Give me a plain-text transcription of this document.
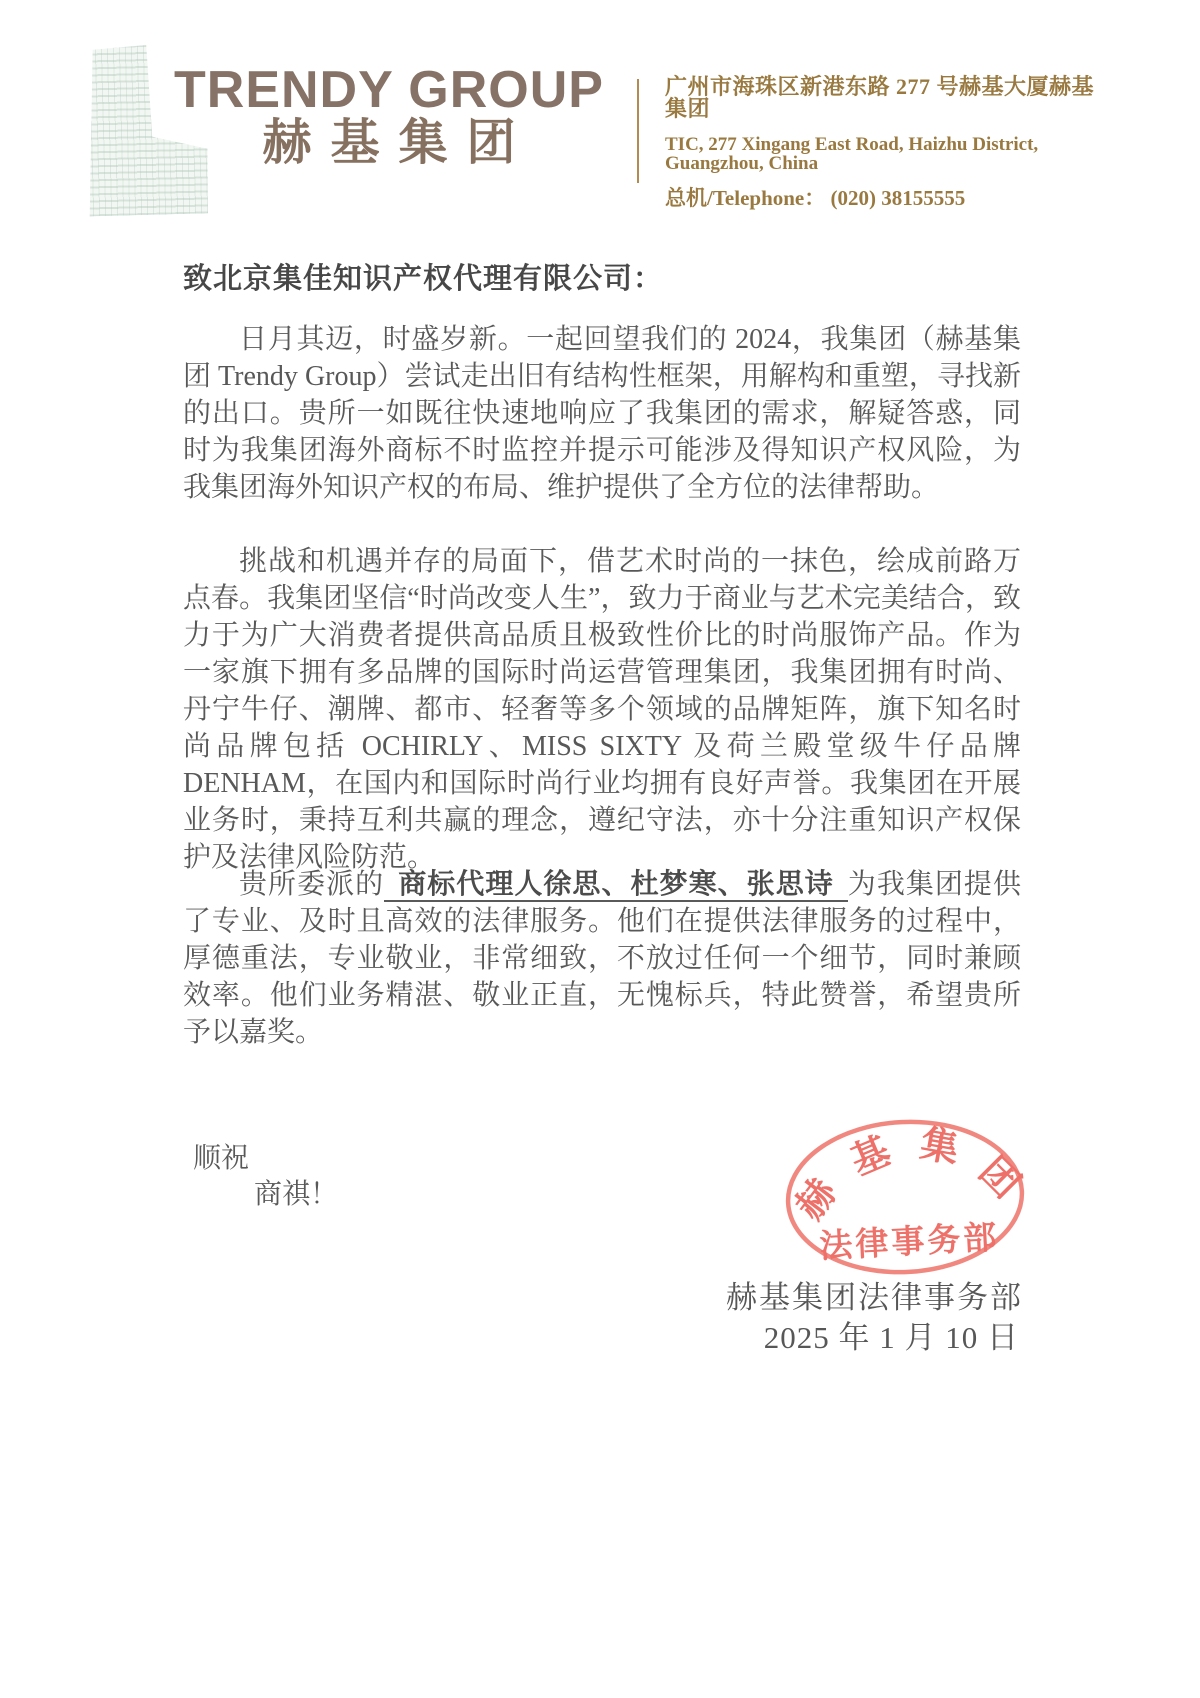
TRENDY GROUP
赫基集团
广州市海珠区新港东路 277 号赫基大厦赫基集团
TIC, 277 Xingang East Road, Haizhu District, Guangzhou, China
总机/Telephone： (020) 38155555
致北京集佳知识产权代理有限公司：
日月其迈，时盛岁新。一起回望我们的 2024，我集团（赫基集团 Trendy Group）尝试走出旧有结构性框架，用解构和重塑，寻找新的出口。贵所一如既往快速地响应了我集团的需求，解疑答惑，同时为我集团海外商标不时监控并提示可能涉及得知识产权风险，为我集团海外知识产权的布局、维护提供了全方位的法律帮助。
挑战和机遇并存的局面下，借艺术时尚的一抹色，绘成前路万点春。我集团坚信“时尚改变人生”，致力于商业与艺术完美结合，致力于为广大消费者提供高品质且极致性价比的时尚服饰产品。作为一家旗下拥有多品牌的国际时尚运营管理集团，我集团拥有时尚、丹宁牛仔、潮牌、都市、轻奢等多个领域的品牌矩阵，旗下知名时尚品牌包括 OCHIRLY、MISS SIXTY 及荷兰殿堂级牛仔品牌 DENHAM，在国内和国际时尚行业均拥有良好声誉。我集团在开展业务时，秉持互利共赢的理念，遵纪守法，亦十分注重知识产权保护及法律风险防范。
贵所委派的 商标代理人徐思、杜梦寒、张思诗 为我集团提供了专业、及时且高效的法律服务。他们在提供法律服务的过程中，厚德重法，专业敬业，非常细致，不放过任何一个细节，同时兼顾效率。他们业务精湛、敬业正直，无愧标兵，特此赞誉，希望贵所予以嘉奖。
顺祝
商祺！	赫
基 集
团
法律事务部
赫基集团法律事务部
2025 年 1 月 10 日
